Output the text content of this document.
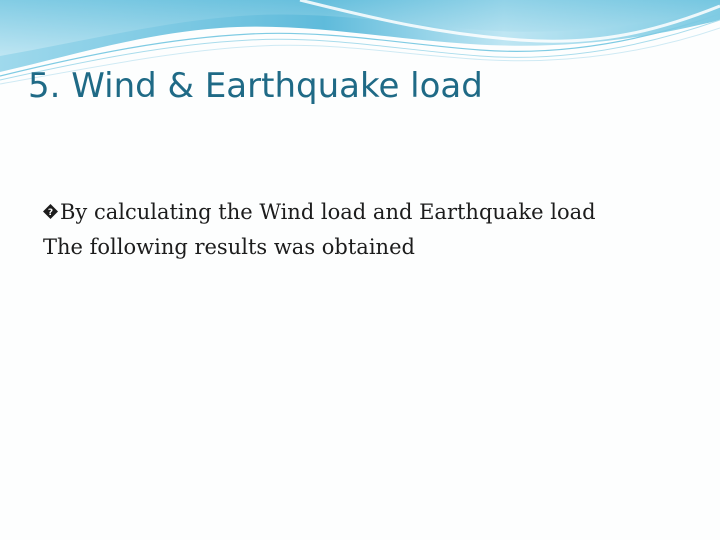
5. Wind & Earthquake load
? By calculating the Wind load and Earthquake load
The following results was obtained
